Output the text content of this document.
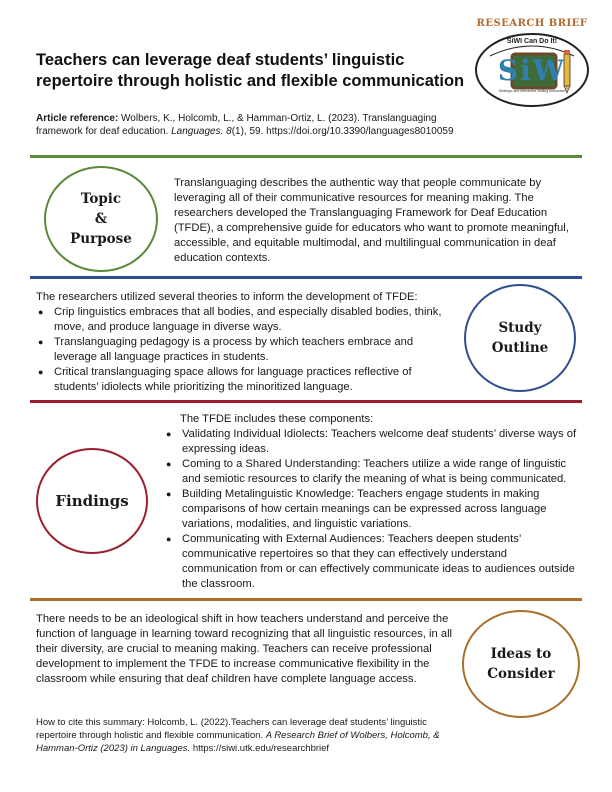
Teachers can leverage deaf students’ linguistic repertoire through holistic and flexible communication
RESEARCH BRIEF
SiWI Can Do It!
SiW
Strategic and Interactive Writing Instruction
Article reference: Wolbers, K., Holcomb, L., & Hamman-Ortiz, L. (2023). Translanguaging framework for deaf education. Languages. 8(1), 59. https://doi.org/10.3390/languages8010059
Topic
&
Purpose
Translanguaging describes the authentic way that people communicate by leveraging all of their communicative resources for meaning making. The researchers developed the Translanguaging Framework for Deaf Education (TFDE), a comprehensive guide for educators who want to promote meaningful, accessible, and equitable multimodal, and multilingual communication in deaf education contexts.
The researchers utilized several theories to inform the development of TFDE:
● Crip linguistics embraces that all bodies, and especially disabled bodies, think, move, and produce language in diverse ways.
● Translanguaging pedagogy is a process by which teachers embrace and leverage all language practices in students.
● Critical translanguaging space allows for language practices reflective of students’ idiolects while prioritizing the minoritized language.
Study
Outline
Findings
The TFDE includes these components:
● Validating Individual Idiolects: Teachers welcome deaf students’ diverse ways of expressing ideas.
● Coming to a Shared Understanding: Teachers utilize a wide range of linguistic and semiotic resources to clarify the meaning of what is being communicated.
● Building Metalinguistic Knowledge: Teachers engage students in making comparisons of how certain meanings can be expressed across language variations, modalities, and linguistic variations.
● Communicating with External Audiences: Teachers deepen students’ communicative repertoires so that they can effectively understand communication from or can effectively communicate ideas to audiences outside the classroom.
There needs to be an ideological shift in how teachers understand and perceive the function of language in learning toward recognizing that all linguistic resources, in all their diversity, are crucial to meaning making. Teachers can receive professional development to implement the TFDE to increase communicative flexibility in the classroom while ensuring that deaf children have complete language access.
Ideas to
Consider
How to cite this summary: Holcomb, L. (2022).Teachers can leverage deaf students’ linguistic repertoire through holistic and flexible communication. A Research Brief of Wolbers, Holcomb, & Hamman-Ortiz (2023) in Languages. https://siwi.utk.edu/researchbrief
